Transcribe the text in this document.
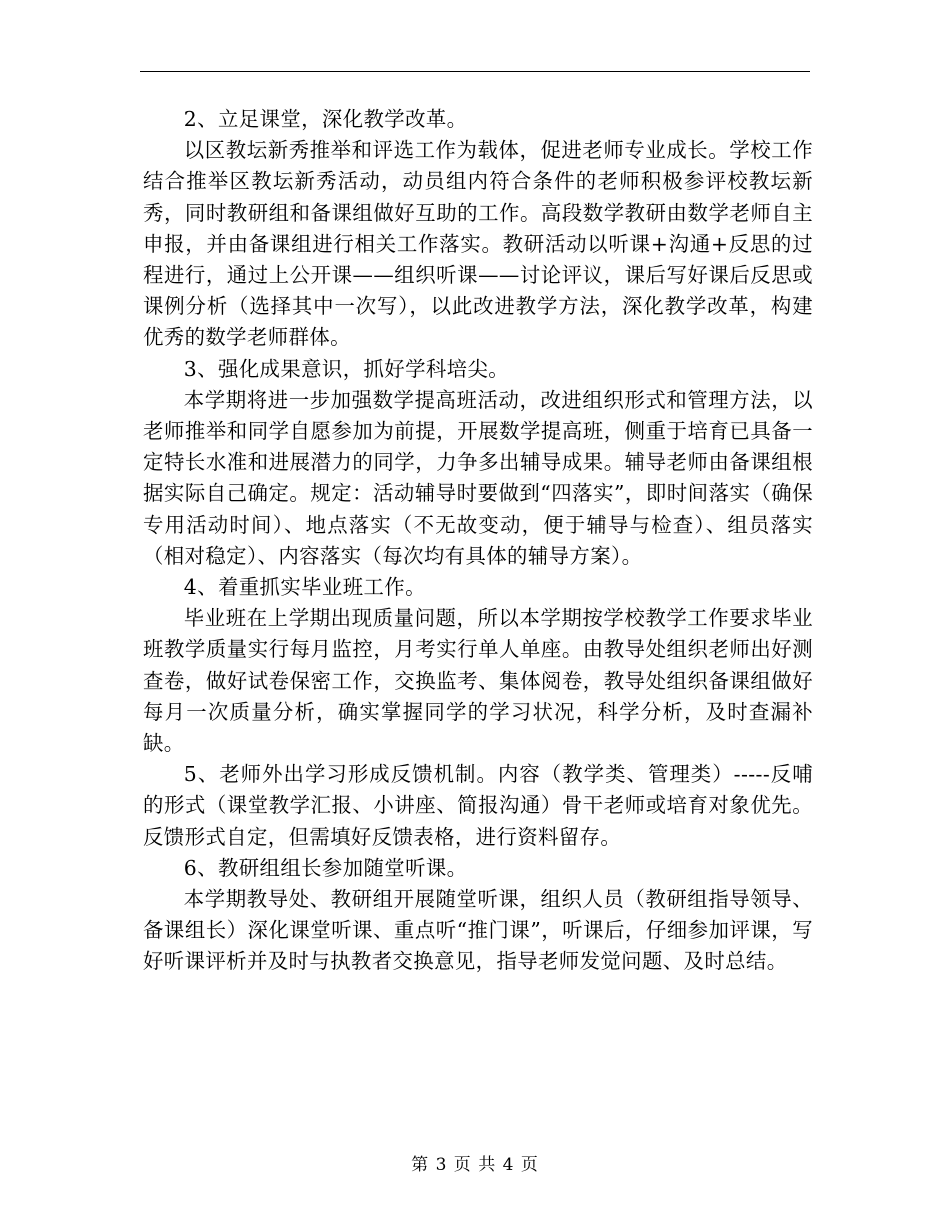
2、立足课堂，深化教学改革。

以区教坛新秀推举和评选工作为载体，促进老师专业成长。学校工作结合推举区教坛新秀活动，动员组内符合条件的老师积极参评校教坛新秀，同时教研组和备课组做好互助的工作。高段数学教研由数学老师自主申报，并由备课组进行相关工作落实。教研活动以听课+沟通+反思的过程进行，通过上公开课——组织听课——讨论评议，课后写好课后反思或课例分析（选择其中一次写），以此改进教学方法，深化教学改革，构建优秀的数学老师群体。

3、强化成果意识，抓好学科培尖。

本学期将进一步加强数学提高班活动，改进组织形式和管理方法，以老师推举和同学自愿参加为前提，开展数学提高班，侧重于培育已具备一定特长水准和进展潜力的同学，力争多出辅导成果。辅导老师由备课组根据实际自己确定。规定：活动辅导时要做到“四落实”，即时间落实（确保专用活动时间）、地点落实（不无故变动，便于辅导与检查）、组员落实（相对稳定）、内容落实（每次均有具体的辅导方案）。

4、着重抓实毕业班工作。

毕业班在上学期出现质量问题，所以本学期按学校教学工作要求毕业班教学质量实行每月监控，月考实行单人单座。由教导处组织老师出好测查卷，做好试卷保密工作，交换监考、集体阅卷，教导处组织备课组做好每月一次质量分析，确实掌握同学的学习状况，科学分析，及时查漏补缺。

5、老师外出学习形成反馈机制。内容（教学类、管理类）-----反哺的形式（课堂教学汇报、小讲座、简报沟通）骨干老师或培育对象优先。反馈形式自定，但需填好反馈表格，进行资料留存。

6、教研组组长参加随堂听课。

本学期教导处、教研组开展随堂听课，组织人员（教研组指导领导、备课组长）深化课堂听课、重点听“推门课”，听课后，仔细参加评课，写好听课评析并及时与执教者交换意见，指导老师发觉问题、及时总结。

第 3 页 共 4 页
